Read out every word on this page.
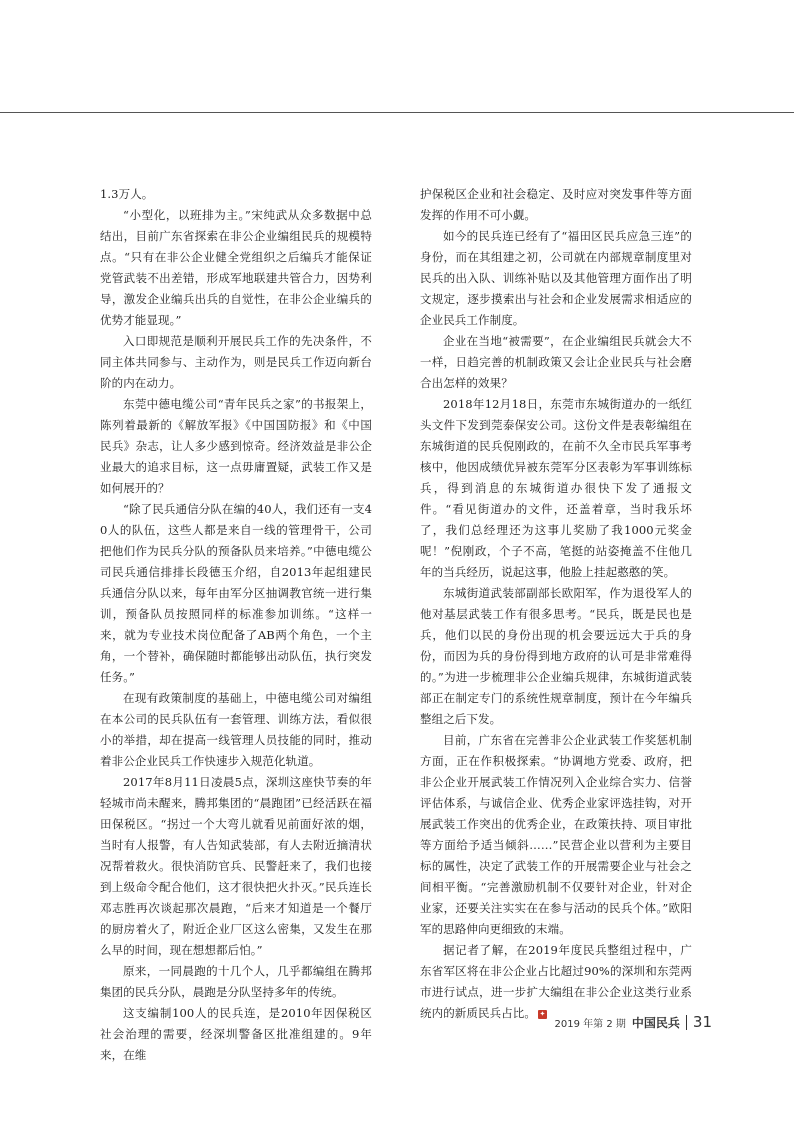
1.3万人。

“小型化，以班排为主。”宋纯武从众多数据中总结出，目前广东省探索在非公企业编组民兵的规模特点。“只有在非公企业健全党组织之后编兵才能保证党管武装不出差错，形成军地联建共管合力，因势利导，激发企业编兵出兵的自觉性，在非公企业编兵的优势才能显现。”

入口即规范是顺利开展民兵工作的先决条件，不同主体共同参与、主动作为，则是民兵工作迈向新台阶的内在动力。

东莞中德电缆公司“青年民兵之家”的书报架上，陈列着最新的《解放军报》《中国国防报》和《中国民兵》杂志，让人多少感到惊奇。经济效益是非公企业最大的追求目标，这一点毋庸置疑，武装工作又是如何展开的？

“除了民兵通信分队在编的40人，我们还有一支40人的队伍，这些人都是来自一线的管理骨干，公司把他们作为民兵分队的预备队员来培养。”中德电缆公司民兵通信排排长段德玉介绍，自2013年起组建民兵通信分队以来，每年由军分区抽调教官统一进行集训，预备队员按照同样的标准参加训练。“这样一来，就为专业技术岗位配备了AB两个角色，一个主角，一个替补，确保随时都能够出动队伍，执行突发任务。”

在现有政策制度的基础上，中德电缆公司对编组在本公司的民兵队伍有一套管理、训练方法，看似很小的举措，却在提高一线管理人员技能的同时，推动着非公企业民兵工作快速步入规范化轨道。

2017年8月11日凌晨5点，深圳这座快节奏的年轻城市尚未醒来，腾邦集团的“晨跑团”已经活跃在福田保税区。“拐过一个大弯儿就看见前面好浓的烟，当时有人报警，有人告知武装部，有人去附近摘清状况帮着救火。很快消防官兵、民警赶来了，我们也接到上级命令配合他们，这才很快把火扑灭。”民兵连长邓志胜再次谈起那次晨跑，“后来才知道是一个餐厅的厨房着火了，附近企业厂区这么密集，又发生在那么早的时间，现在想想都后怕。”

原来，一同晨跑的十几个人，几乎都编组在腾邦集团的民兵分队，晨跑是分队坚持多年的传统。

这支编制100人的民兵连，是2010年因保税区社会治理的需要，经深圳警备区批准组建的。9年来，在维

护保税区企业和社会稳定、及时应对突发事件等方面发挥的作用不可小觑。

如今的民兵连已经有了“福田区民兵应急三连”的身份，而在其组建之初，公司就在内部规章制度里对民兵的出入队、训练补贴以及其他管理方面作出了明文规定，逐步摸索出与社会和企业发展需求相适应的企业民兵工作制度。

企业在当地“被需要”，在企业编组民兵就会大不一样，日趋完善的机制政策又会让企业民兵与社会磨合出怎样的效果？

2018年12月18日，东莞市东城街道办的一纸红头文件下发到莞泰保安公司。这份文件是表彰编组在东城街道的民兵倪刚政的，在前不久全市民兵军事考核中，他因成绩优异被东莞军分区表彰为军事训练标兵，得到消息的东城街道办很快下发了通报文件。“看见街道办的文件，还盖着章，当时我乐坏了，我们总经理还为这事儿奖励了我1000元奖金呢！”倪刚政，个子不高，笔挺的站姿掩盖不住他几年的当兵经历，说起这事，他脸上挂起憨憨的笑。

东城街道武装部副部长欧阳军，作为退役军人的他对基层武装工作有很多思考。“民兵，既是民也是兵，他们以民的身份出现的机会要远远大于兵的身份，而因为兵的身份得到地方政府的认可是非常难得的。”为进一步梳理非公企业编兵规律，东城街道武装部正在制定专门的系统性规章制度，预计在今年编兵整组之后下发。

目前，广东省在完善非公企业武装工作奖惩机制方面，正在作积极探索。“协调地方党委、政府，把非公企业开展武装工作情况列入企业综合实力、信誉评估体系，与诚信企业、优秀企业家评选挂钩，对开展武装工作突出的优秀企业，在政策扶持、项目审批等方面给予适当倾斜……”民营企业以营利为主要目标的属性，决定了武装工作的开展需要企业与社会之间相平衡。“完善激励机制不仅要针对企业，针对企业家，还要关注实实在在参与活动的民兵个体。”欧阳军的思路伸向更细致的末端。

据记者了解，在2019年度民兵整组过程中，广东省军区将在非公企业占比超过90%的深圳和东莞两市进行试点，进一步扩大编组在非公企业这类行业系统内的新质民兵占比。 ✦

2019 年第 2 期 中国民兵 31
